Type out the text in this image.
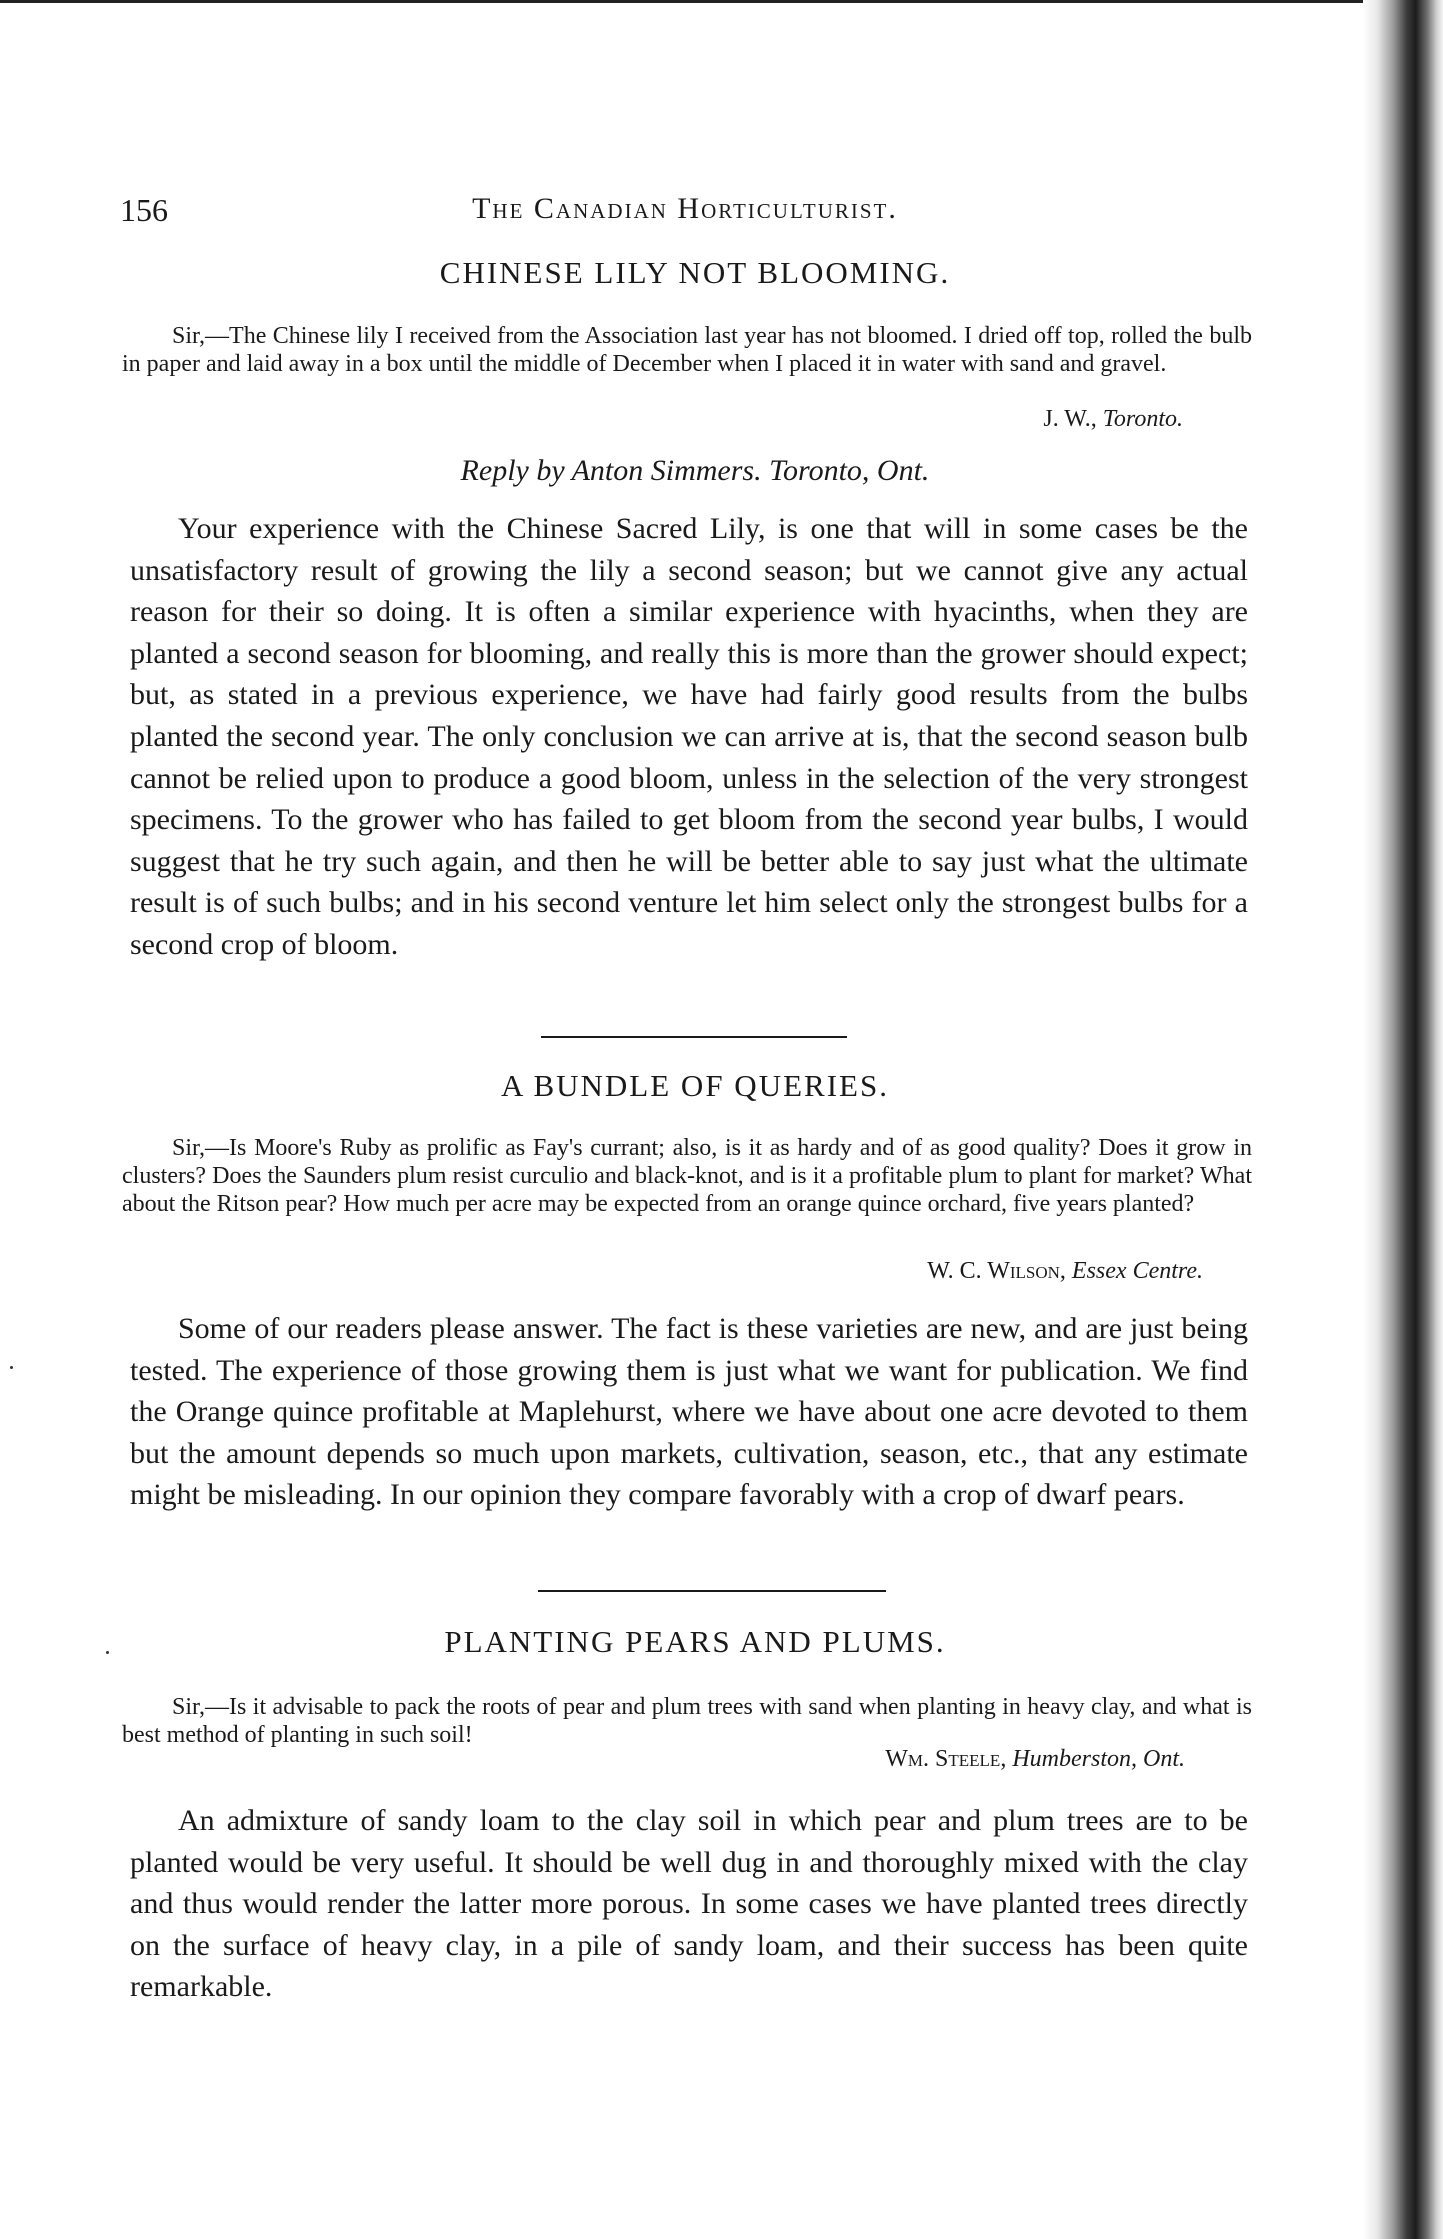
156	The Canadian Horticulturist.
CHINESE LILY NOT BLOOMING.
Sir,—The Chinese lily I received from the Association last year has not bloomed. I dried off top, rolled the bulb in paper and laid away in a box until the middle of December when I placed it in water with sand and gravel.
J. W., Toronto.
Reply by Anton Simmers. Toronto, Ont.
Your experience with the Chinese Sacred Lily, is one that will in some cases be the unsatisfactory result of growing the lily a second season; but we cannot give any actual reason for their so doing. It is often a similar experience with hyacinths, when they are planted a second season for blooming, and really this is more than the grower should expect; but, as stated in a previous experience, we have had fairly good results from the bulbs planted the second year. The only conclusion we can arrive at is, that the second season bulb cannot be relied upon to produce a good bloom, unless in the selection of the very strongest specimens. To the grower who has failed to get bloom from the second year bulbs, I would suggest that he try such again, and then he will be better able to say just what the ultimate result is of such bulbs; and in his second venture let him select only the strongest bulbs for a second crop of bloom.
A BUNDLE OF QUERIES.
Sir,—Is Moore's Ruby as prolific as Fay's currant; also, is it as hardy and of as good quality? Does it grow in clusters? Does the Saunders plum resist curculio and black-knot, and is it a profitable plum to plant for market? What about the Ritson pear? How much per acre may be expected from an orange quince orchard, five years planted?
W. C. Wilson, Essex Centre.
Some of our readers please answer. The fact is these varieties are new, and are just being tested. The experience of those growing them is just what we want for publication. We find the Orange quince profitable at Maplehurst, where we have about one acre devoted to them but the amount depends so much upon markets, cultivation, season, etc., that any estimate might be misleading. In our opinion they compare favorably with a crop of dwarf pears.
PLANTING PEARS AND PLUMS.
Sir,—Is it advisable to pack the roots of pear and plum trees with sand when planting in heavy clay, and what is best method of planting in such soil!
Wm. Steele, Humberston, Ont.
An admixture of sandy loam to the clay soil in which pear and plum trees are to be planted would be very useful. It should be well dug in and thoroughly mixed with the clay and thus would render the latter more porous. In some cases we have planted trees directly on the surface of heavy clay, in a pile of sandy loam, and their success has been quite remarkable.
